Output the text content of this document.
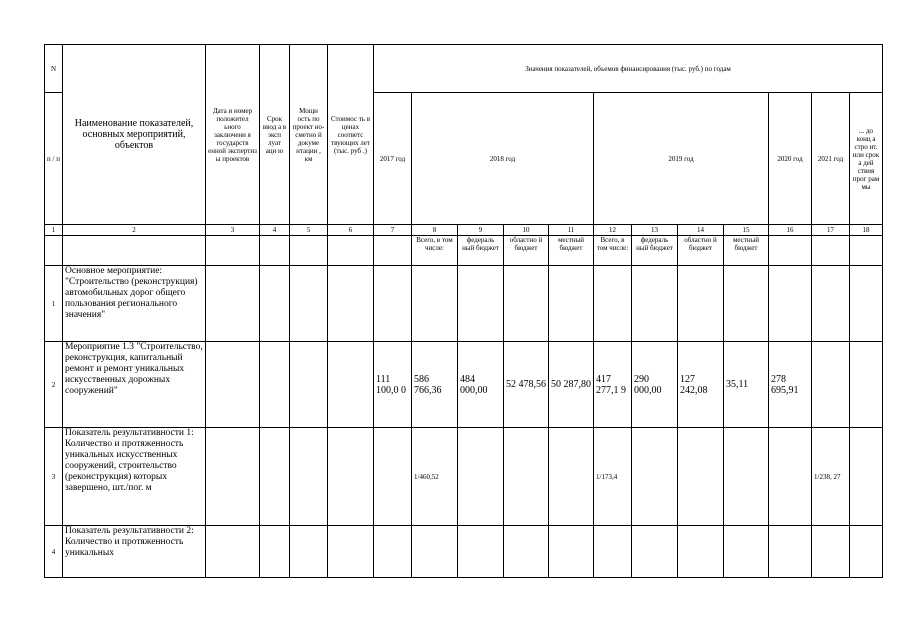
N	Наименование показателей, основных мероприятий, объектов	Дата и номер положител ьного заключени я государств енной экспертиз ы проектов	Срок ввод а в эксп луат аци ю	Мощн ость по проект но- сметно й докуме нтации , км	Стоимос ть в ценах соответс твующих лет (тыс. руб .)	Значения показателей, объемов финансирования (тыс. руб.) по годам											
п / п						2017 год	2018 год				2019 год				2020 год	2021 год	... до конц а стро ит. или срок а дей ствия прог рам мы
1	2	3	4	5	6	7	8	9	10	11	12	13	14	15	16	17	18
							Всего, в том числе:	федераль ный бюджет	областно й бюджет	местный бюджет	Всего, в том числе:	федераль ный бюджет	областно й бюджет	местный бюджет			
1	Основное мероприятие: "Строительство (реконструкция) автомобильных дорог общего пользования регионального значения"																
2	Мероприятие 1.3 "Строительство, реконструкция, капитальный ремонт и ремонт уникальных искусственных дорожных сооружений"					111 100,0 0	586 766,36	484 000,00	52 478,56	50 287,80	417 277,1 9	290 000,00	127 242,08	35,11	278 695,91		
3	Показатель результативности 1: Количество и протяженность уникальных искусственных сооружений, строительство (реконструкция) которых завершено, шт./пог. м						1/460,52				1/173,4					1/238, 27	
4	Показатель результативности 2: Количество и протяженность уникальных																
